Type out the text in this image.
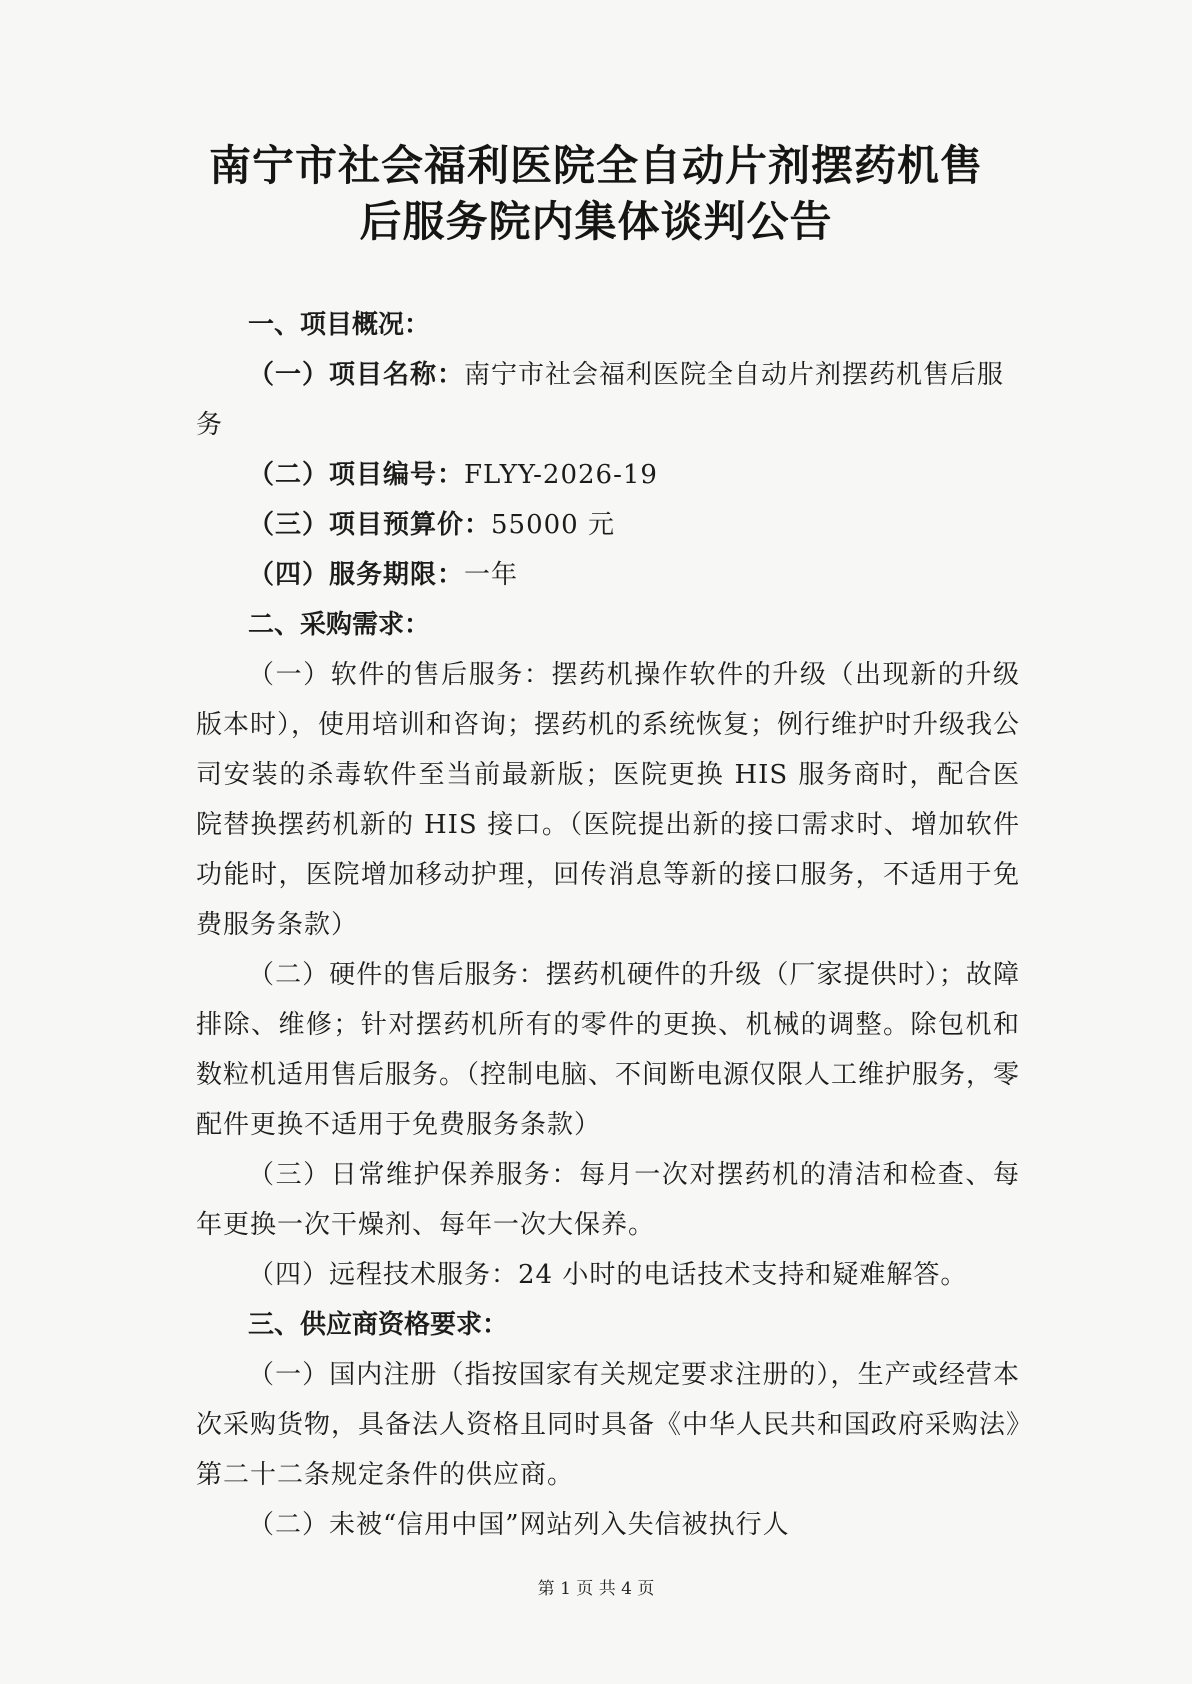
南宁市社会福利医院全自动片剂摆药机售
后服务院内集体谈判公告

一、项目概况：

（一）项目名称：南宁市社会福利医院全自动片剂摆药机售后服务

（二）项目编号：FLYY-2026-19

（三）项目预算价：55000 元

（四）服务期限：一年

二、采购需求：

（一）软件的售后服务：摆药机操作软件的升级（出现新的升级版本时），使用培训和咨询；摆药机的系统恢复；例行维护时升级我公司安装的杀毒软件至当前最新版；医院更换 HIS 服务商时，配合医院替换摆药机新的 HIS 接口。（医院提出新的接口需求时、增加软件功能时，医院增加移动护理，回传消息等新的接口服务，不适用于免费服务条款）

（二）硬件的售后服务：摆药机硬件的升级（厂家提供时）；故障排除、维修；针对摆药机所有的零件的更换、机械的调整。除包机和数粒机适用售后服务。（控制电脑、不间断电源仅限人工维护服务，零配件更换不适用于免费服务条款）

（三）日常维护保养服务：每月一次对摆药机的清洁和检查、每年更换一次干燥剂、每年一次大保养。

（四）远程技术服务：24 小时的电话技术支持和疑难解答。

三、供应商资格要求：

（一）国内注册（指按国家有关规定要求注册的），生产或经营本次采购货物，具备法人资格且同时具备《中华人民共和国政府采购法》第二十二条规定条件的供应商。

（二）未被“信用中国”网站列入失信被执行人

第 1 页 共 4 页
